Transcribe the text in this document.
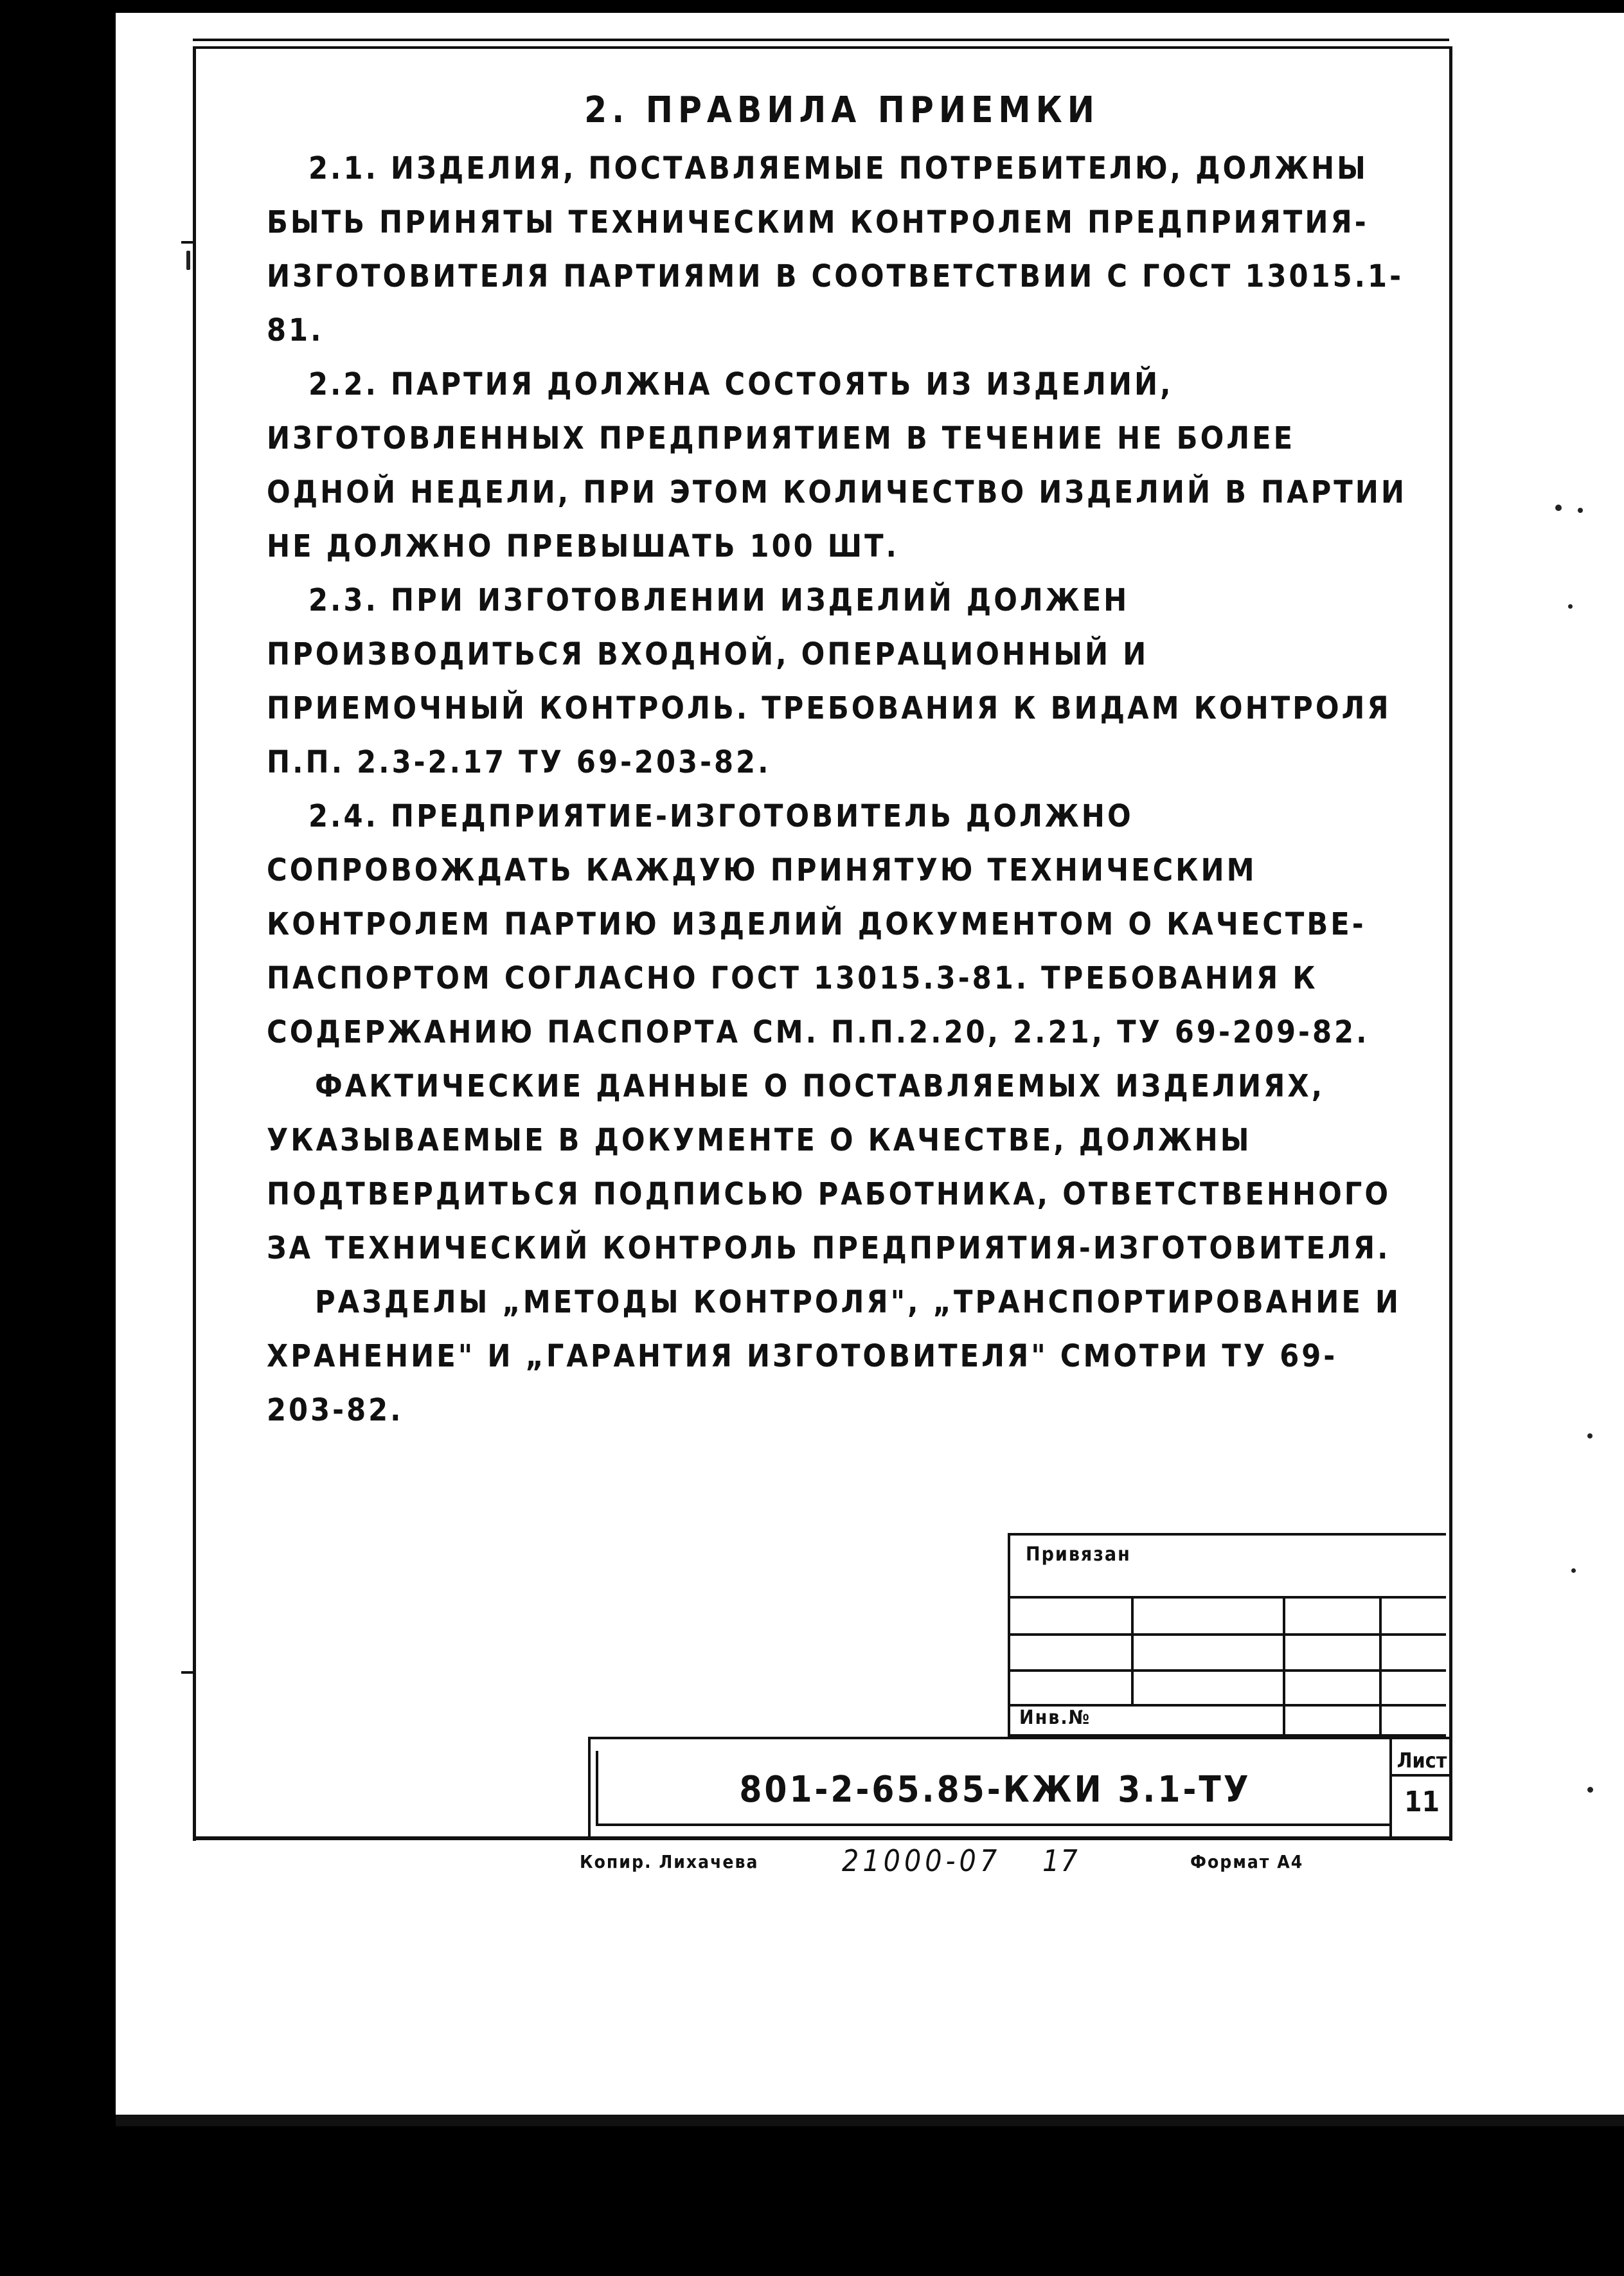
2. ПРАВИЛА ПРИЕМКИ

2.1. ИЗДЕЛИЯ, ПОСТАВЛЯЕМЫЕ ПОТРЕБИТЕЛЮ, ДОЛЖНЫ БЫТЬ ПРИНЯТЫ ТЕХНИЧЕСКИМ КОНТРОЛЕМ ПРЕДПРИЯТИЯ-ИЗГОТОВИТЕЛЯ ПАРТИЯМИ В СООТВЕТСТВИИ С ГОСТ 13015.1-81.

2.2. ПАРТИЯ ДОЛЖНА СОСТОЯТЬ ИЗ ИЗДЕЛИЙ, ИЗГОТОВЛЕННЫХ ПРЕДПРИЯТИЕМ В ТЕЧЕНИЕ НЕ БОЛЕЕ ОДНОЙ НЕДЕЛИ, ПРИ ЭТОМ КОЛИЧЕСТВО ИЗДЕЛИЙ В ПАРТИИ НЕ ДОЛЖНО ПРЕВЫШАТЬ 100 ШТ.

2.3. ПРИ ИЗГОТОВЛЕНИИ ИЗДЕЛИЙ ДОЛЖЕН ПРОИЗВОДИТЬСЯ ВХОДНОЙ, ОПЕРАЦИОННЫЙ И ПРИЕМОЧНЫЙ КОНТРОЛЬ. ТРЕБОВАНИЯ К ВИДАМ КОНТРОЛЯ П.П. 2.3-2.17 ТУ 69-203-82.

2.4. ПРЕДПРИЯТИЕ-ИЗГОТОВИТЕЛЬ ДОЛЖНО СОПРОВОЖДАТЬ КАЖДУЮ ПРИНЯТУЮ ТЕХНИЧЕСКИМ КОНТРОЛЕМ ПАРТИЮ ИЗДЕЛИЙ ДОКУМЕНТОМ О КАЧЕСТВЕ-ПАСПОРТОМ СОГЛАСНО ГОСТ 13015.3-81. ТРЕБОВАНИЯ К СОДЕРЖАНИЮ ПАСПОРТА СМ. П.П.2.20, 2.21, ТУ 69-209-82.

ФАКТИЧЕСКИЕ ДАННЫЕ О ПОСТАВЛЯЕМЫХ ИЗДЕЛИЯХ, УКАЗЫВАЕМЫЕ В ДОКУМЕНТЕ О КАЧЕСТВЕ, ДОЛЖНЫ ПОДТВЕРДИТЬСЯ ПОДПИСЬЮ РАБОТНИКА, ОТВЕТСТВЕННОГО ЗА ТЕХНИЧЕСКИЙ КОНТРОЛЬ ПРЕДПРИЯТИЯ-ИЗГОТОВИТЕЛЯ.

РАЗДЕЛЫ „МЕТОДЫ КОНТРОЛЯ", „ТРАНСПОРТИРОВАНИЕ И ХРАНЕНИЕ" И „ГАРАНТИЯ ИЗГОТОВИТЕЛЯ" СМОТРИ ТУ 69-203-82.

Привязан
Инв.№
801-2-65.85-КЖИ 3.1-ТУ
Лист
11
Копир. Лихачева	21000-07 17	Формат А4
